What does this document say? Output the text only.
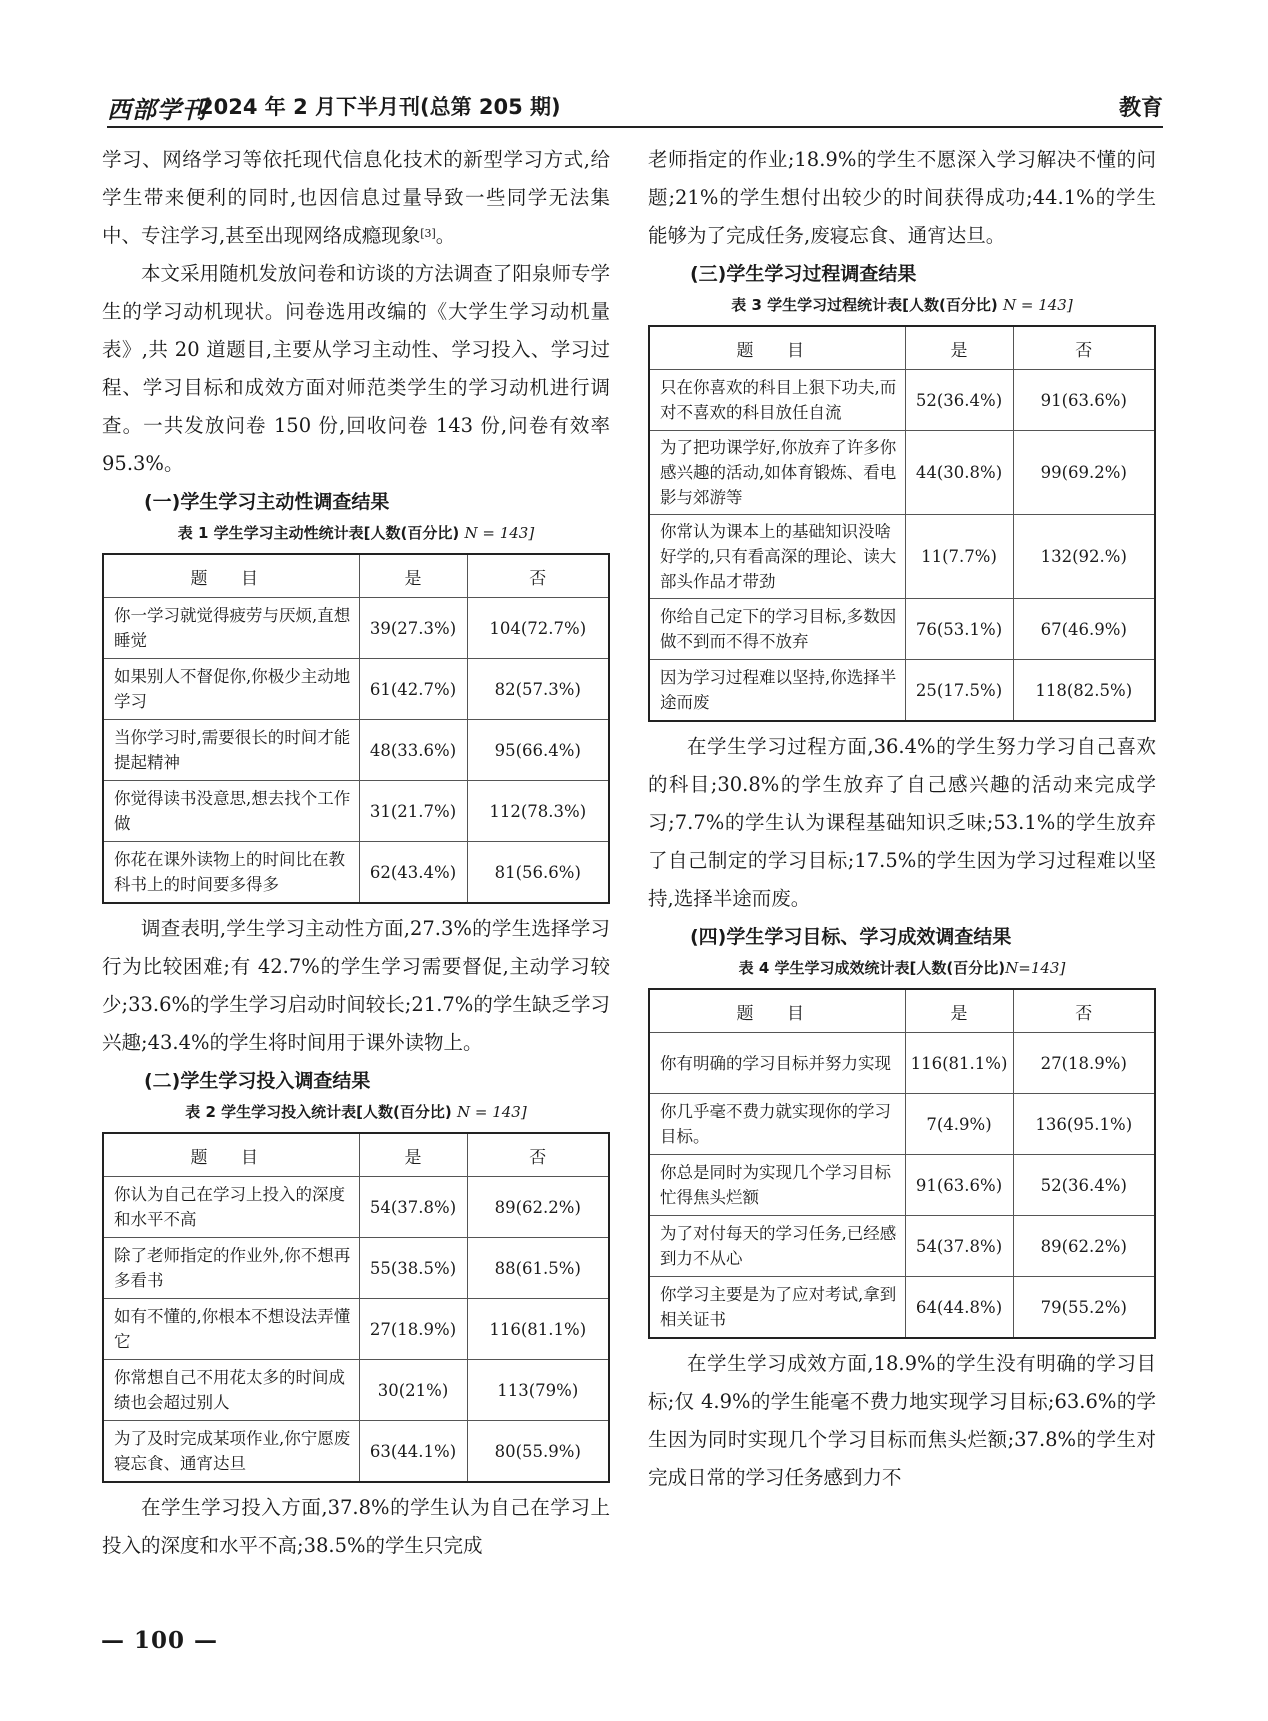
西部学刊
2024 年 2 月下半月刊(总第 205 期)	教育

学习、网络学习等依托现代信息化技术的新型学习方式,给学生带来便利的同时,也因信息过量导致一些同学无法集中、专注学习,甚至出现网络成瘾现象[3]。

本文采用随机发放问卷和访谈的方法调查了阳泉师专学生的学习动机现状。问卷选用改编的《大学生学习动机量表》,共 20 道题目,主要从学习主动性、学习投入、学习过程、学习目标和成效方面对师范类学生的学习动机进行调查。一共发放问卷 150 份,回收问卷 143 份,问卷有效率 95.3%。

(一)学生学习主动性调查结果
表 1 学生学习主动性统计表[人数(百分比) N = 143]
题 目	是	否
你一学习就觉得疲劳与厌烦,直想睡觉	39(27.3%)	104(72.7%)
如果别人不督促你,你极少主动地学习	61(42.7%)	82(57.3%)
当你学习时,需要很长的时间才能提起精神	48(33.6%)	95(66.4%)
你觉得读书没意思,想去找个工作做	31(21.7%)	112(78.3%)
你花在课外读物上的时间比在教科书上的时间要多得多	62(43.4%)	81(56.6%)

调查表明,学生学习主动性方面,27.3%的学生选择学习行为比较困难;有 42.7%的学生学习需要督促,主动学习较少;33.6%的学生学习启动时间较长;21.7%的学生缺乏学习兴趣;43.4%的学生将时间用于课外读物上。

(二)学生学习投入调查结果
表 2 学生学习投入统计表[人数(百分比) N = 143]
题 目	是	否
你认为自己在学习上投入的深度和水平不高	54(37.8%)	89(62.2%)
除了老师指定的作业外,你不想再多看书	55(38.5%)	88(61.5%)
如有不懂的,你根本不想设法弄懂它	27(18.9%)	116(81.1%)
你常想自己不用花太多的时间成绩也会超过别人	30(21%)	113(79%)
为了及时完成某项作业,你宁愿废寝忘食、通宵达旦	63(44.1%)	80(55.9%)

在学生学习投入方面,37.8%的学生认为自己在学习上投入的深度和水平不高;38.5%的学生只完成

老师指定的作业;18.9%的学生不愿深入学习解决不懂的问题;21%的学生想付出较少的时间获得成功;44.1%的学生能够为了完成任务,废寝忘食、通宵达旦。

(三)学生学习过程调查结果
表 3 学生学习过程统计表[人数(百分比) N = 143]
题 目	是	否
只在你喜欢的科目上狠下功夫,而对不喜欢的科目放任自流	52(36.4%)	91(63.6%)
为了把功课学好,你放弃了许多你感兴趣的活动,如体育锻炼、看电影与郊游等	44(30.8%)	99(69.2%)
你常认为课本上的基础知识没啥好学的,只有看高深的理论、读大部头作品才带劲	11(7.7%)	132(92.%)
你给自己定下的学习目标,多数因做不到而不得不放弃	76(53.1%)	67(46.9%)
因为学习过程难以坚持,你选择半途而废	25(17.5%)	118(82.5%)

在学生学习过程方面,36.4%的学生努力学习自己喜欢的科目;30.8%的学生放弃了自己感兴趣的活动来完成学习;7.7%的学生认为课程基础知识乏味;53.1%的学生放弃了自己制定的学习目标;17.5%的学生因为学习过程难以坚持,选择半途而废。

(四)学生学习目标、学习成效调查结果
表 4 学生学习成效统计表[人数(百分比)N=143]
题 目	是	否
你有明确的学习目标并努力实现	116(81.1%)	27(18.9%)
你几乎毫不费力就实现你的学习目标。	7(4.9%)	136(95.1%)
你总是同时为实现几个学习目标忙得焦头烂额	91(63.6%)	52(36.4%)
为了对付每天的学习任务,已经感到力不从心	54(37.8%)	89(62.2%)
你学习主要是为了应对考试,拿到相关证书	64(44.8%)	79(55.2%)

在学生学习成效方面,18.9%的学生没有明确的学习目标;仅 4.9%的学生能毫不费力地实现学习目标;63.6%的学生因为同时实现几个学习目标而焦头烂额;37.8%的学生对完成日常的学习任务感到力不

— 100 —
